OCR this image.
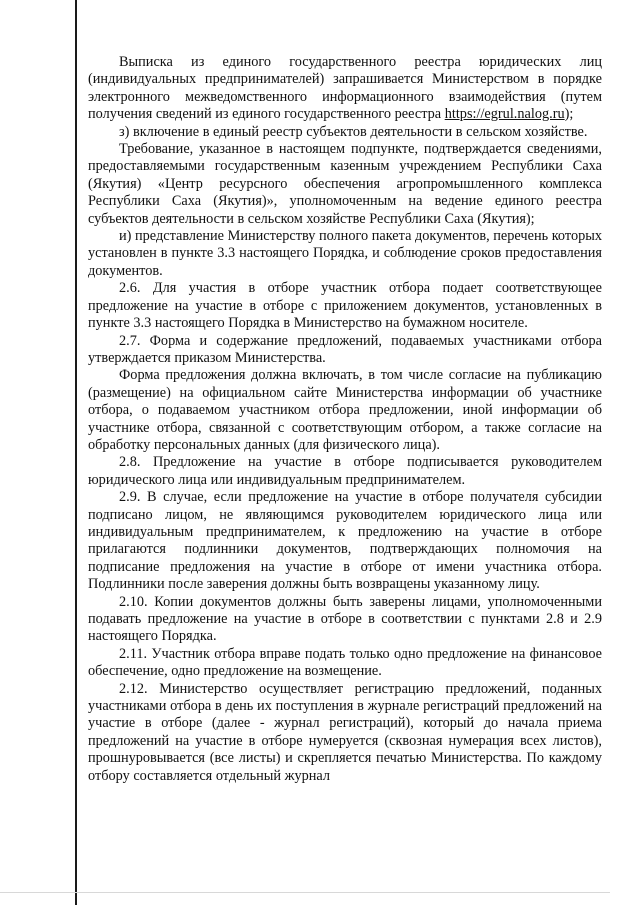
Выписка из единого государственного реестра юридических лиц (индивидуальных предпринимателей) запрашивается Министерством в порядке электронного межведомственного информационного взаимодействия (путем получения сведений из единого государственного реестра https://egrul.nalog.ru);

з) включение в единый реестр субъектов деятельности в сельском хозяйстве.

Требование, указанное в настоящем подпункте, подтверждается сведениями, предоставляемыми государственным казенным учреждением Республики Саха (Якутия) «Центр ресурсного обеспечения агропромышленного комплекса Республики Саха (Якутия)», уполномоченным на ведение единого реестра субъектов деятельности в сельском хозяйстве Республики Саха (Якутия);

и) представление Министерству полного пакета документов, перечень которых установлен в пункте 3.3 настоящего Порядка, и соблюдение сроков предоставления документов.

2.6. Для участия в отборе участник отбора подает соответствующее предложение на участие в отборе с приложением документов, установленных в пункте 3.3 настоящего Порядка в Министерство на бумажном носителе.

2.7. Форма и содержание предложений, подаваемых участниками отбора утверждается приказом Министерства.

Форма предложения должна включать, в том числе согласие на публикацию (размещение) на официальном сайте Министерства информации об участнике отбора, о подаваемом участником отбора предложении, иной информации об участнике отбора, связанной с соответствующим отбором, а также согласие на обработку персональных данных (для физического лица).

2.8. Предложение на участие в отборе подписывается руководителем юридического лица или индивидуальным предпринимателем.

2.9. В случае, если предложение на участие в отборе получателя субсидии подписано лицом, не являющимся руководителем юридического лица или индивидуальным предпринимателем, к предложению на участие в отборе прилагаются подлинники документов, подтверждающих полномочия на подписание предложения на участие в отборе от имени участника отбора. Подлинники после заверения должны быть возвращены указанному лицу.

2.10. Копии документов должны быть заверены лицами, уполномоченными подавать предложение на участие в отборе в соответствии с пунктами 2.8 и 2.9 настоящего Порядка.

2.11. Участник отбора вправе подать только одно предложение на финансовое обеспечение, одно предложение на возмещение.

2.12. Министерство осуществляет регистрацию предложений, поданных участниками отбора в день их поступления в журнале регистраций предложений на участие в отборе (далее - журнал регистраций), который до начала приема предложений на участие в отборе нумеруется (сквозная нумерация всех листов), прошнуровывается (все листы) и скрепляется печатью Министерства. По каждому отбору составляется отдельный журнал
